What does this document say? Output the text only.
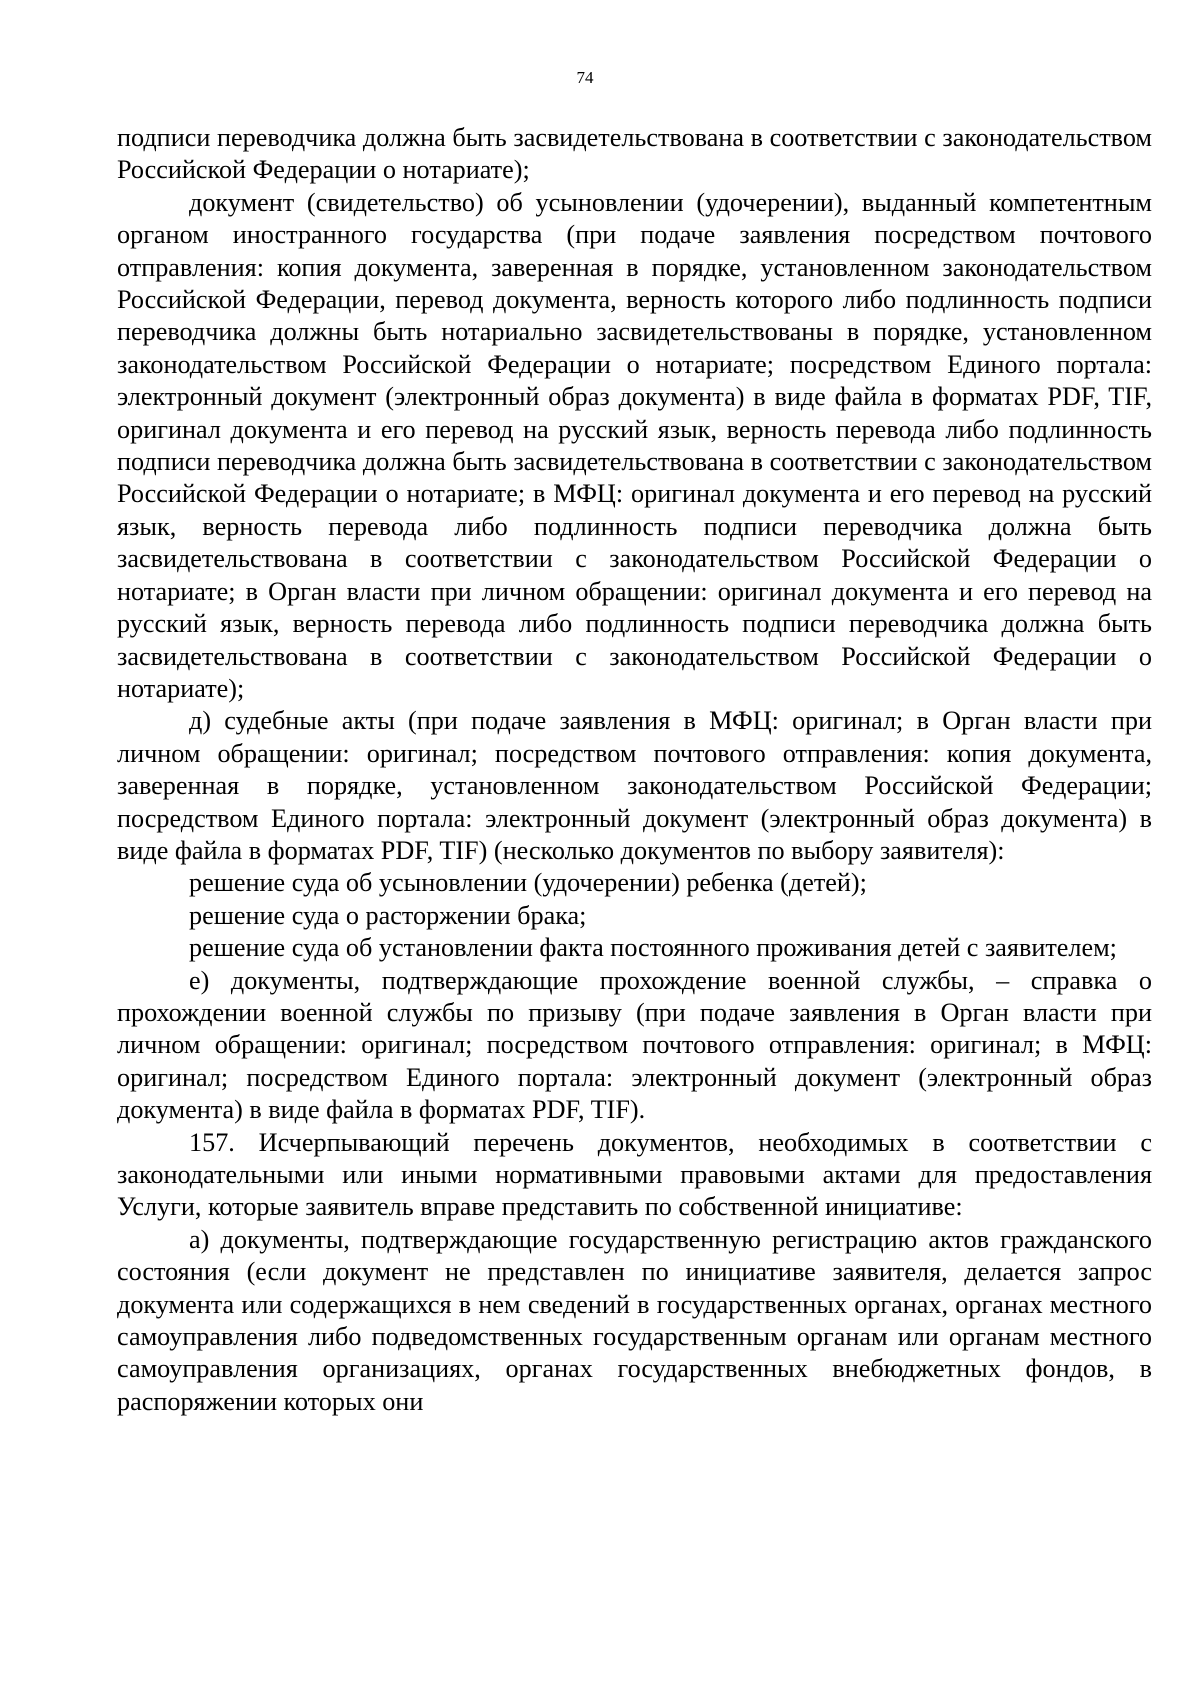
74

подписи переводчика должна быть засвидетельствована в соответствии с законодательством Российской Федерации о нотариате);

документ (свидетельство) об усыновлении (удочерении), выданный компетентным органом иностранного государства (при подаче заявления посредством почтового отправления: копия документа, заверенная в порядке, установленном законодательством Российской Федерации, перевод документа, верность которого либо подлинность подписи переводчика должны быть нотариально засвидетельствованы в порядке, установленном законодательством Российской Федерации о нотариате; посредством Единого портала: электронный документ (электронный образ документа) в виде файла в форматах PDF, TIF, оригинал документа и его перевод на русский язык, верность перевода либо подлинность подписи переводчика должна быть засвидетельствована в соответствии с законодательством Российской Федерации о нотариате; в МФЦ: оригинал документа и его перевод на русский язык, верность перевода либо подлинность подписи переводчика должна быть засвидетельствована в соответствии с законодательством Российской Федерации о нотариате; в Орган власти при личном обращении: оригинал документа и его перевод на русский язык, верность перевода либо подлинность подписи переводчика должна быть засвидетельствована в соответствии с законодательством Российской Федерации о нотариате);

д) судебные акты (при подаче заявления в МФЦ: оригинал; в Орган власти при личном обращении: оригинал; посредством почтового отправления: копия документа, заверенная в порядке, установленном законодательством Российской Федерации; посредством Единого портала: электронный документ (электронный образ документа) в виде файла в форматах PDF, TIF) (несколько документов по выбору заявителя):

решение суда об усыновлении (удочерении) ребенка (детей);

решение суда о расторжении брака;

решение суда об установлении факта постоянного проживания детей с заявителем;

е) документы, подтверждающие прохождение военной службы, – справка о прохождении военной службы по призыву (при подаче заявления в Орган власти при личном обращении: оригинал; посредством почтового отправления: оригинал; в МФЦ: оригинал; посредством Единого портала: электронный документ (электронный образ документа) в виде файла в форматах PDF, TIF).

157. Исчерпывающий перечень документов, необходимых в соответствии с законодательными или иными нормативными правовыми актами для предоставления Услуги, которые заявитель вправе представить по собственной инициативе:

а) документы, подтверждающие государственную регистрацию актов гражданского состояния (если документ не представлен по инициативе заявителя, делается запрос документа или содержащихся в нем сведений в государственных органах, органах местного самоуправления либо подведомственных государственным органам или органам местного самоуправления организациях, органах государственных внебюджетных фондов, в распоряжении которых они
